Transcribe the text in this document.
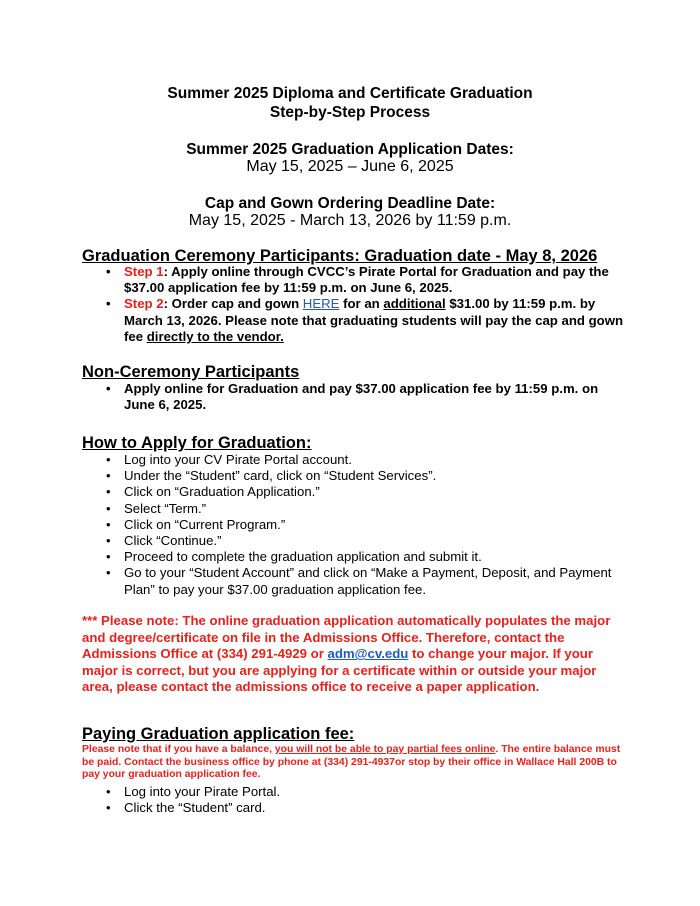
Summer 2025 Diploma and Certificate Graduation
Step-by-Step Process
Summer 2025 Graduation Application Dates:
May 15, 2025 – June 6, 2025
Cap and Gown Ordering Deadline Date:
May 15, 2025 - March 13, 2026 by 11:59 p.m.
Graduation Ceremony Participants: Graduation date - May 8, 2026
• Step 1: Apply online through CVCC’s Pirate Portal for Graduation and pay the $37.00 application fee by 11:59 p.m. on June 6, 2025.
• Step 2: Order cap and gown HERE for an additional $31.00 by 11:59 p.m. by March 13, 2026. Please note that graduating students will pay the cap and gown fee directly to the vendor.
Non-Ceremony Participants
• Apply online for Graduation and pay $37.00 application fee by 11:59 p.m. on June 6, 2025.
How to Apply for Graduation:
• Log into your CV Pirate Portal account.
• Under the “Student” card, click on “Student Services”.
• Click on “Graduation Application.”
• Select “Term.”
• Click on “Current Program.”
• Click “Continue.”
• Proceed to complete the graduation application and submit it.
• Go to your “Student Account” and click on “Make a Payment, Deposit, and Payment Plan” to pay your $37.00 graduation application fee.
*** Please note: The online graduation application automatically populates the major and degree/certificate on file in the Admissions Office. Therefore, contact the Admissions Office at (334) 291-4929 or adm@cv.edu to change your major. If your major is correct, but you are applying for a certificate within or outside your major area, please contact the admissions office to receive a paper application.
Paying Graduation application fee:
Please note that if you have a balance, you will not be able to pay partial fees online. The entire balance must be paid. Contact the business office by phone at (334) 291-4937or stop by their office in Wallace Hall 200B to pay your graduation application fee.
• Log into your Pirate Portal.
• Click the “Student” card.
